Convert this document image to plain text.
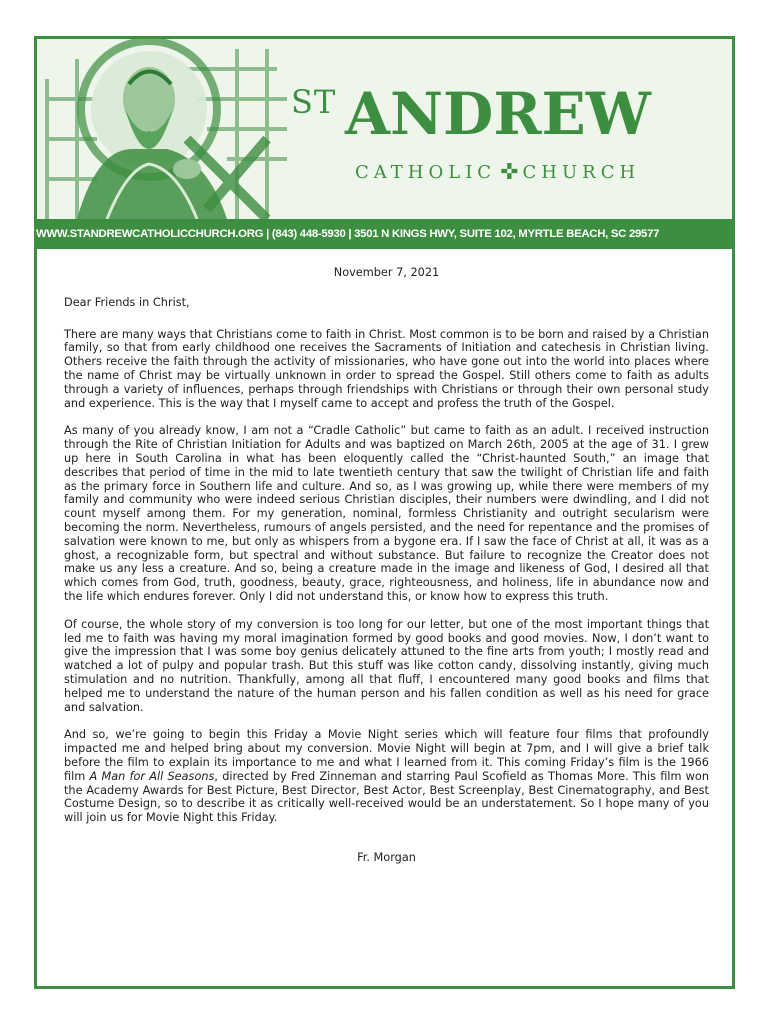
ST ANDREW
CATHOLIC ✜ CHURCH
WWW.STANDREWCATHOLICCHURCH.ORG | (843) 448-5930 | 3501 N KINGS HWY, SUITE 102, MYRTLE BEACH, SC 29577

November 7, 2021

Dear Friends in Christ,

There are many ways that Christians come to faith in Christ. Most common is to be born and raised by a Christian family, so that from early childhood one receives the Sacraments of Initiation and catechesis in Christian living. Others receive the faith through the activity of missionaries, who have gone out into the world into places where the name of Christ may be virtually unknown in order to spread the Gospel. Still others come to faith as adults through a variety of influences, perhaps through friendships with Christians or through their own personal study and experience. This is the way that I myself came to accept and profess the truth of the Gospel.

As many of you already know, I am not a “Cradle Catholic” but came to faith as an adult. I received instruction through the Rite of Christian Initiation for Adults and was baptized on March 26th, 2005 at the age of 31. I grew up here in South Carolina in what has been eloquently called the “Christ-haunted South,” an image that describes that period of time in the mid to late twentieth century that saw the twilight of Christian life and faith as the primary force in Southern life and culture. And so, as I was growing up, while there were members of my family and community who were indeed serious Christian disciples, their numbers were dwindling, and I did not count myself among them. For my generation, nominal, formless Christianity and outright secularism were becoming the norm. Nevertheless, rumours of angels persisted, and the need for repentance and the promises of salvation were known to me, but only as whispers from a bygone era. If I saw the face of Christ at all, it was as a ghost, a recognizable form, but spectral and without substance. But failure to recognize the Creator does not make us any less a creature. And so, being a creature made in the image and likeness of God, I desired all that which comes from God, truth, goodness, beauty, grace, righteousness, and holiness, life in abundance now and the life which endures forever. Only I did not understand this, or know how to express this truth.

Of course, the whole story of my conversion is too long for our letter, but one of the most important things that led me to faith was having my moral imagination formed by good books and good movies. Now, I don’t want to give the impression that I was some boy genius delicately attuned to the fine arts from youth; I mostly read and watched a lot of pulpy and popular trash. But this stuff was like cotton candy, dissolving instantly, giving much stimulation and no nutrition. Thankfully, among all that fluff, I encountered many good books and films that helped me to understand the nature of the human person and his fallen condition as well as his need for grace and salvation.

And so, we’re going to begin this Friday a Movie Night series which will feature four films that profoundly impacted me and helped bring about my conversion. Movie Night will begin at 7pm, and I will give a brief talk before the film to explain its importance to me and what I learned from it. This coming Friday’s film is the 1966 film A Man for All Seasons, directed by Fred Zinneman and starring Paul Scofield as Thomas More. This film won the Academy Awards for Best Picture, Best Director, Best Actor, Best Screenplay, Best Cinematography, and Best Costume Design, so to describe it as critically well-received would be an understatement. So I hope many of you will join us for Movie Night this Friday.

Fr. Morgan
